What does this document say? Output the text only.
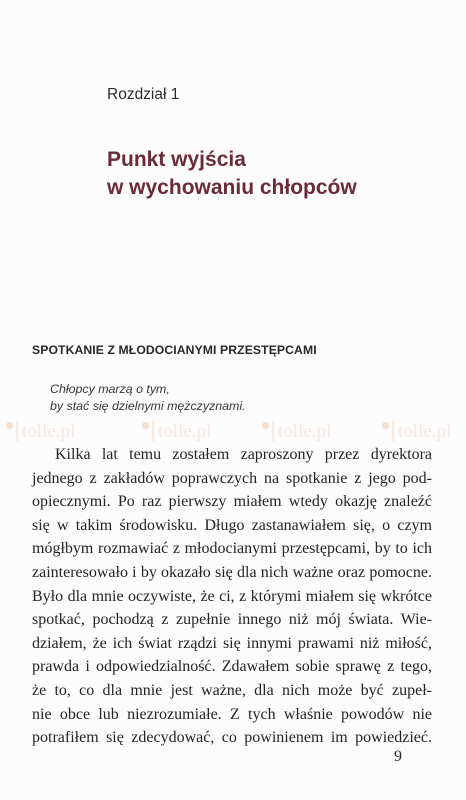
Rozdział 1
Punkt wyjścia
w wychowaniu chłopców
SPOTKANIE Z MŁODOCIANYMI PRZESTĘPCAMI
Chłopcy marzą o tym,
by stać się dzielnymi mężczyznami.
tolle.pl	tolle.pl	tolle.pl	tolle.pl
Kilka lat temu zostałem zaproszony przez dyrektora
jednego z zakładów poprawczych na spotkanie z jego pod-
opiecznymi. Po raz pierwszy miałem wtedy okazję znaleźć
się w takim środowisku. Długo zastanawiałem się, o czym
mógłbym rozmawiać z młodocianymi przestępcami, by to ich
zainteresowało i by okazało się dla nich ważne oraz pomocne.
Było dla mnie oczywiste, że ci, z którymi miałem się wkrótce
spotkać, pochodzą z zupełnie innego niż mój świata. Wie-
działem, że ich świat rządzi się innymi prawami niż miłość,
prawda i odpowiedzialność. Zdawałem sobie sprawę z tego,
że to, co dla mnie jest ważne, dla nich może być zupeł-
nie obce lub niezrozumiałe. Z tych właśnie powodów nie
potrafiłem się zdecydować, co powinienem im powiedzieć.
9
